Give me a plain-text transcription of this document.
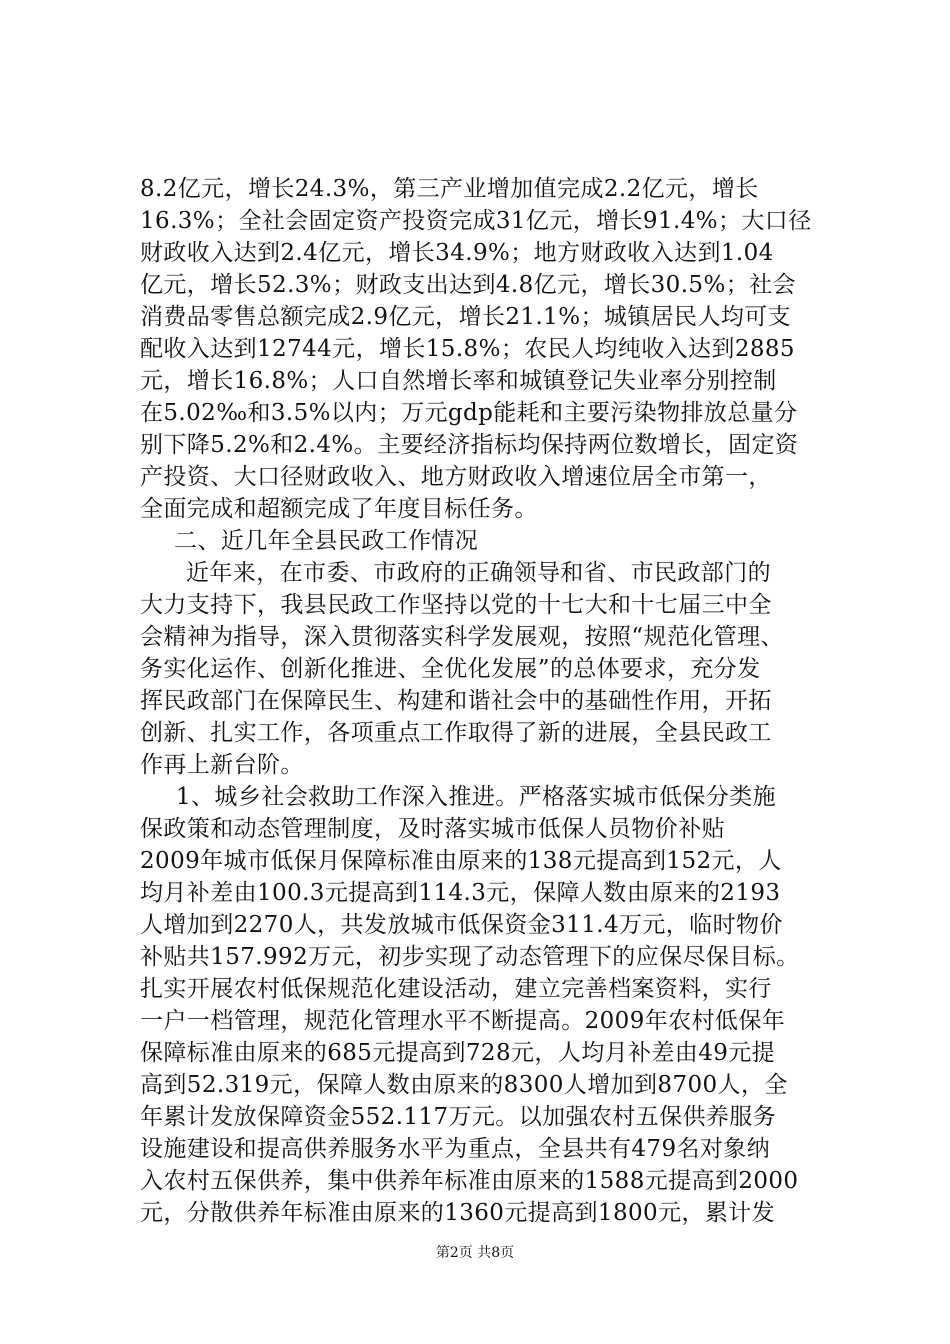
8.2亿元，增长24.3%，第三产业增加值完成2.2亿元，增长
16.3%；全社会固定资产投资完成31亿元，增长91.4%；大口径
财政收入达到2.4亿元，增长34.9%；地方财政收入达到1.04
亿元，增长52.3%；财政支出达到4.8亿元，增长30.5%；社会
消费品零售总额完成2.9亿元，增长21.1%；城镇居民人均可支
配收入达到12744元，增长15.8%；农民人均纯收入达到2885
元，增长16.8%；人口自然增长率和城镇登记失业率分别控制
在5.02‰和3.5%以内；万元gdp能耗和主要污染物排放总量分
别下降5.2%和2.4%。主要经济指标均保持两位数增长，固定资
产投资、大口径财政收入、地方财政收入增速位居全市第一，
全面完成和超额完成了年度目标任务。
二、近几年全县民政工作情况
近年来，在市委、市政府的正确领导和省、市民政部门的
大力支持下，我县民政工作坚持以党的十七大和十七届三中全
会精神为指导，深入贯彻落实科学发展观，按照“规范化管理、
务实化运作、创新化推进、全优化发展”的总体要求，充分发
挥民政部门在保障民生、构建和谐社会中的基础性作用，开拓
创新、扎实工作，各项重点工作取得了新的进展，全县民政工
作再上新台阶。
1、城乡社会救助工作深入推进。严格落实城市低保分类施
保政策和动态管理制度，及时落实城市低保人员物价补贴
2009年城市低保月保障标准由原来的138元提高到152元，人
均月补差由100.3元提高到114.3元，保障人数由原来的2193
人增加到2270人，共发放城市低保资金311.4万元，临时物价
补贴共157.992万元，初步实现了动态管理下的应保尽保目标。
扎实开展农村低保规范化建设活动，建立完善档案资料，实行
一户一档管理，规范化管理水平不断提高。2009年农村低保年
保障标准由原来的685元提高到728元，人均月补差由49元提
高到52.319元，保障人数由原来的8300人增加到8700人，全
年累计发放保障资金552.117万元。以加强农村五保供养服务
设施建设和提高供养服务水平为重点，全县共有479名对象纳
入农村五保供养，集中供养年标准由原来的1588元提高到2000
元，分散供养年标准由原来的1360元提高到1800元，累计发
第2页 共8页
